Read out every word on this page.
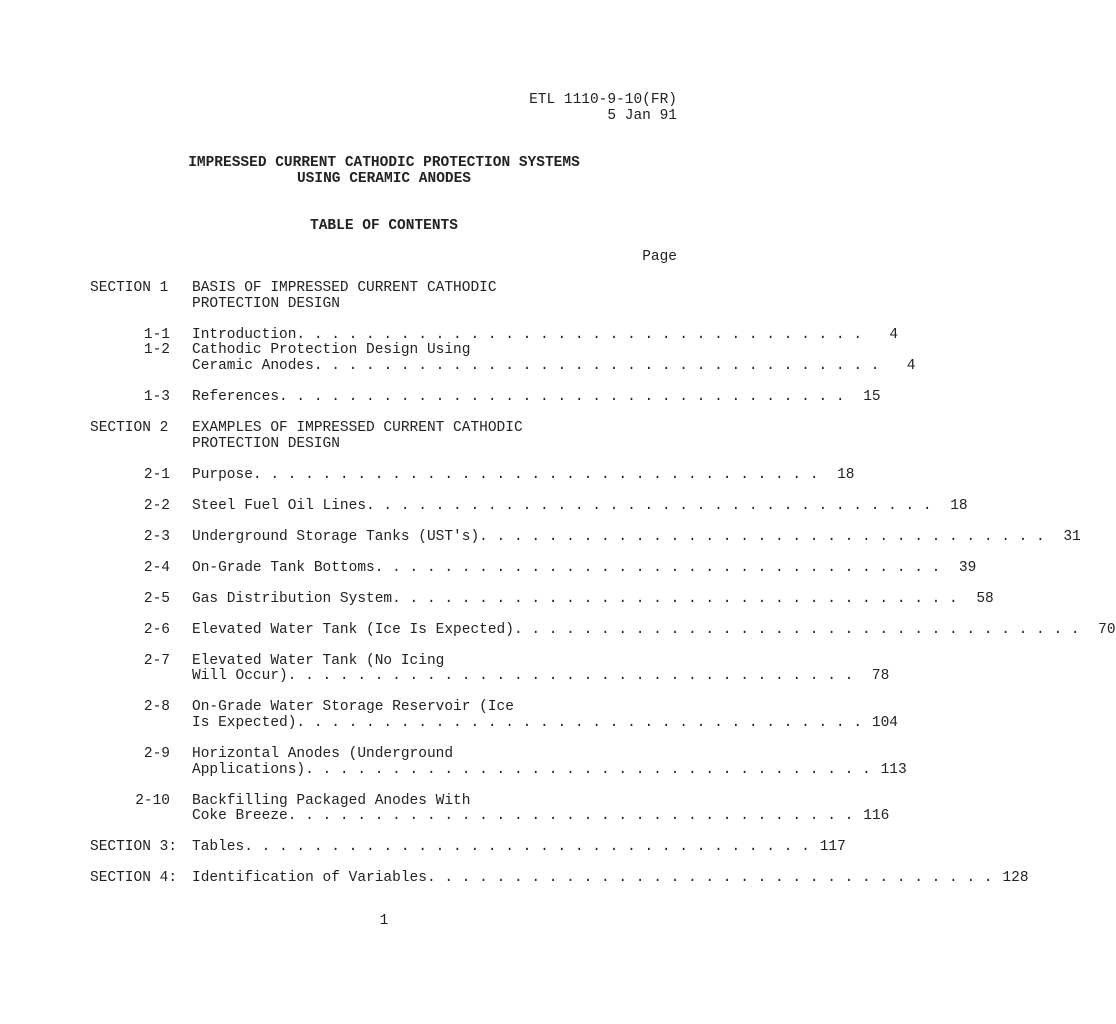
ETL 1110-9-10(FR)
5 Jan 91
IMPRESSED CURRENT CATHODIC PROTECTION SYSTEMS
USING CERAMIC ANODES
TABLE OF CONTENTS
Page
SECTION 1 BASIS OF IMPRESSED CURRENT CATHODIC
PROTECTION DESIGN
1-1 Introduction . . . . . . . . . . . . . . . . . . . . . . . . . . . . . . . . .	4
1-2 Cathodic Protection Design Using
Ceramic Anodes . . . . . . . . . . . . . . . . . . . . . . . . . . . . . . . . .	4
1-3 References . . . . . . . . . . . . . . . . . . . . . . . . . . . . . . . . .	15
SECTION 2 EXAMPLES OF IMPRESSED CURRENT CATHODIC
PROTECTION DESIGN
2-1 Purpose . . . . . . . . . . . . . . . . . . . . . . . . . . . . . . . . .	18
2-2 Steel Fuel Oil Lines . . . . . . . . . . . . . . . . . . . . . . . . . . . . . . . . .	18
2-3 Underground Storage Tanks (UST's) . . . . . . . . . . . . . . . . . . . . . . . . . . . . . . . . .	31
2-4 On-Grade Tank Bottoms . . . . . . . . . . . . . . . . . . . . . . . . . . . . . . . . .	39
2-5 Gas Distribution System . . . . . . . . . . . . . . . . . . . . . . . . . . . . . . . . .	58
2-6 Elevated Water Tank (Ice Is Expected) . . . . . . . . . . . . . . . . . . . . . . . . . . . . . . . . .	70
2-7 Elevated Water Tank (No Icing
Will Occur) . . . . . . . . . . . . . . . . . . . . . . . . . . . . . . . . .	78
2-8 On-Grade Water Storage Reservoir (Ice
Is Expected) . . . . . . . . . . . . . . . . . . . . . . . . . . . . . . . . . 104
2-9 Horizontal Anodes (Underground
Applications) . . . . . . . . . . . . . . . . . . . . . . . . . . . . . . . . . 113
2-10 Backfilling Packaged Anodes With
Coke Breeze . . . . . . . . . . . . . . . . . . . . . . . . . . . . . . . . . 116
SECTION 3: Tables . . . . . . . . . . . . . . . . . . . . . . . . . . . . . . . . . 117
SECTION 4: Identification of Variables . . . . . . . . . . . . . . . . . . . . . . . . . . . . . . . . . 128
1
